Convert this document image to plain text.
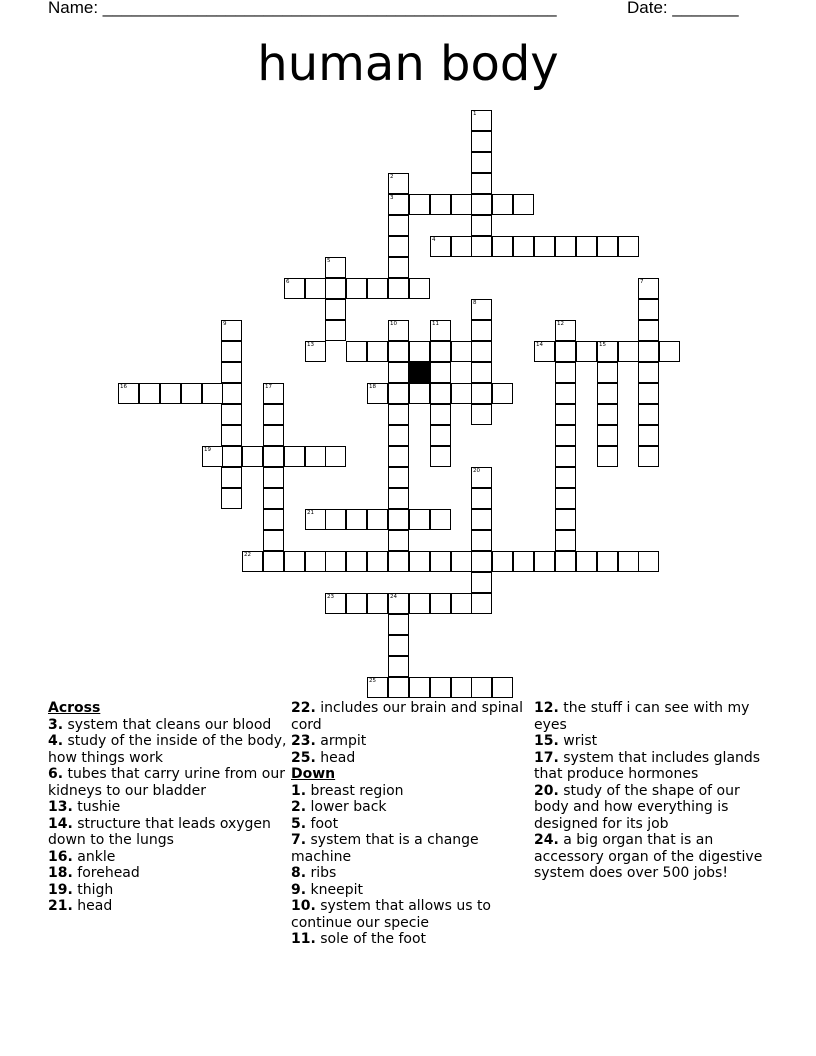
Name: ________________________________________________	Date: _______
human body
1
2
3
4
5
6	7
8
9	10	11	12
13	14	15
16	17	18
19
20
21
22
23	24
25
Across
3. system that cleans our blood
4. study of the inside of the body, how things work
6. tubes that carry urine from our kidneys to our bladder
13. tushie
14. structure that leads oxygen down to the lungs
16. ankle
18. forehead
19. thigh
21. head
22. includes our brain and spinal cord
23. armpit
25. head
Down
1. breast region
2. lower back
5. foot
7. system that is a change machine
8. ribs
9. kneepit
10. system that allows us to continue our specie
11. sole of the foot
12. the stuff i can see with my eyes
15. wrist
17. system that includes glands that produce hormones
20. study of the shape of our body and how everything is designed for its job
24. a big organ that is an accessory organ of the digestive system does over 500 jobs!
